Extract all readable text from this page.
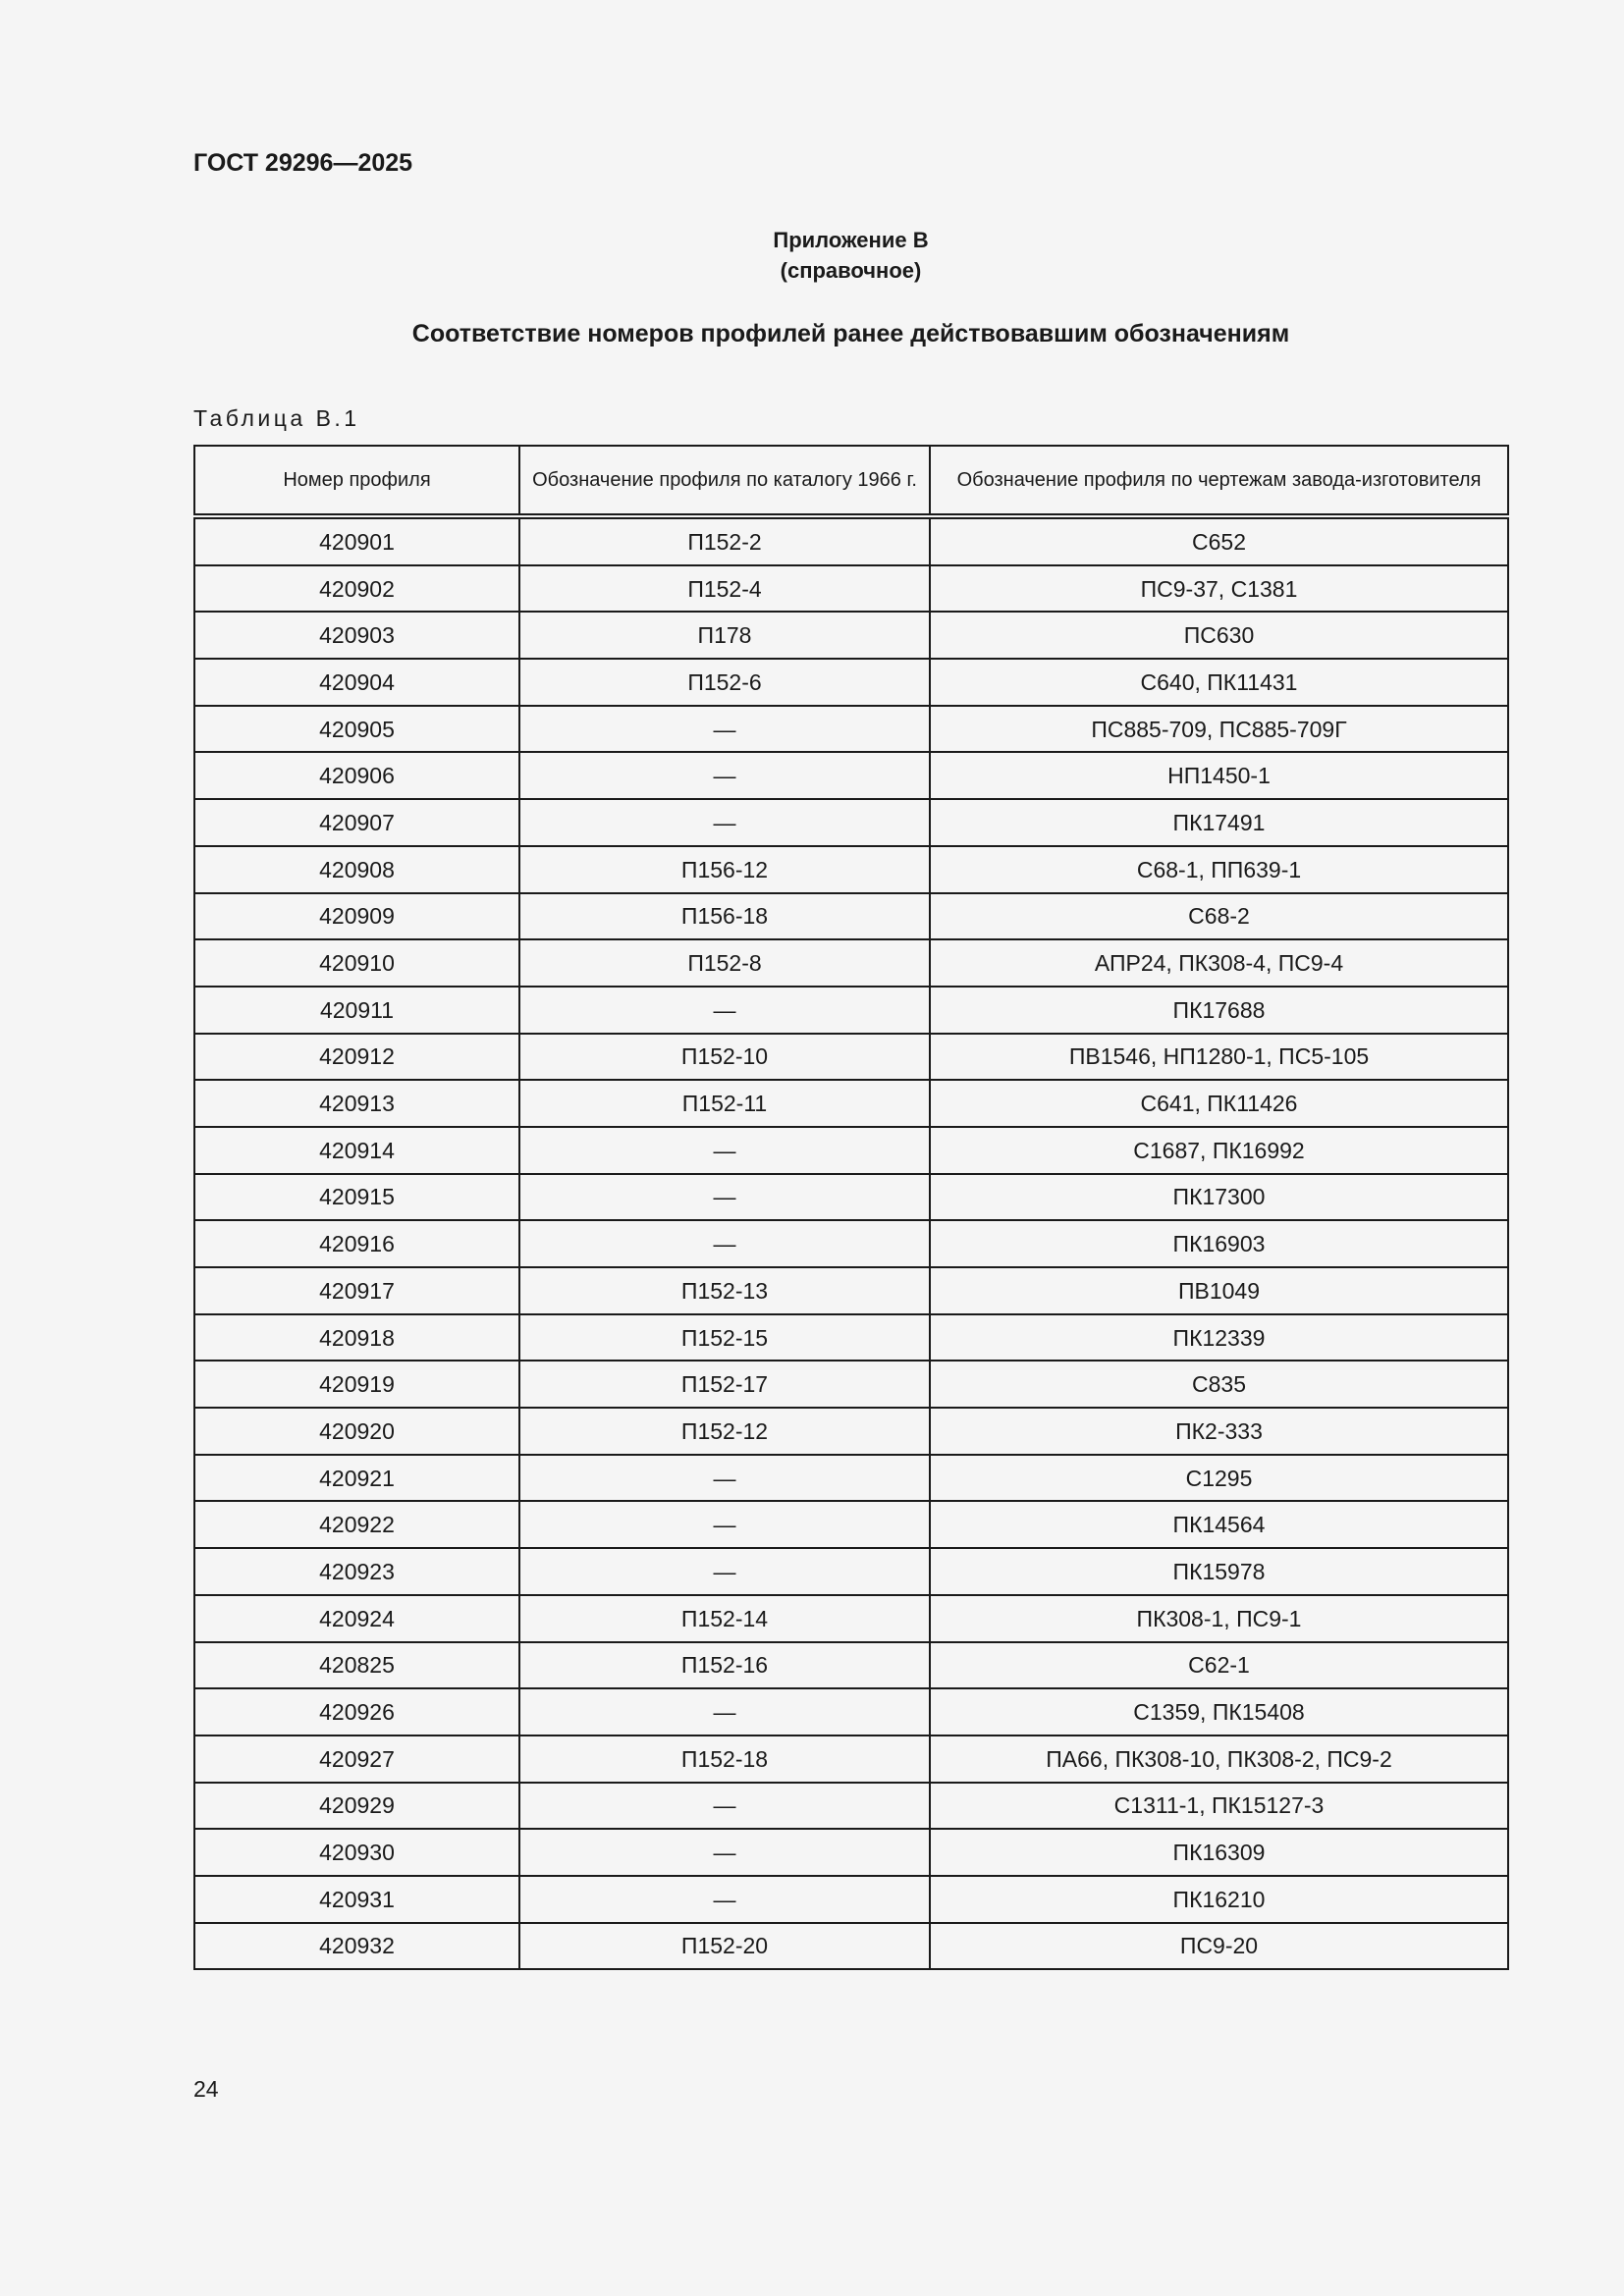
ГОСТ 29296—2025
Приложение В
(справочное)
Соответствие номеров профилей ранее действовавшим обозначениям
Таблица В.1
Номер профиля	Обозначение профиля по каталогу 1966 г.	Обозначение профиля по чертежам завода-изготовителя
420901	П152-2	С652
420902	П152-4	ПС9-37, С1381
420903	П178	ПС630
420904	П152-6	С640, ПК11431
420905	—	ПС885-709, ПС885-709Г
420906	—	НП1450-1
420907	—	ПК17491
420908	П156-12	С68-1, ПП639-1
420909	П156-18	С68-2
420910	П152-8	АПР24, ПК308-4, ПС9-4
420911	—	ПК17688
420912	П152-10	ПВ1546, НП1280-1, ПС5-105
420913	П152-11	С641, ПК11426
420914	—	С1687, ПК16992
420915	—	ПК17300
420916	—	ПК16903
420917	П152-13	ПВ1049
420918	П152-15	ПК12339
420919	П152-17	С835
420920	П152-12	ПК2-333
420921	—	С1295
420922	—	ПК14564
420923	—	ПК15978
420924	П152-14	ПК308-1, ПС9-1
420825	П152-16	С62-1
420926	—	С1359, ПК15408
420927	П152-18	ПА66, ПК308-10, ПК308-2, ПС9-2
420929	—	С1311-1, ПК15127-3
420930	—	ПК16309
420931	—	ПК16210
420932	П152-20	ПС9-20
24
